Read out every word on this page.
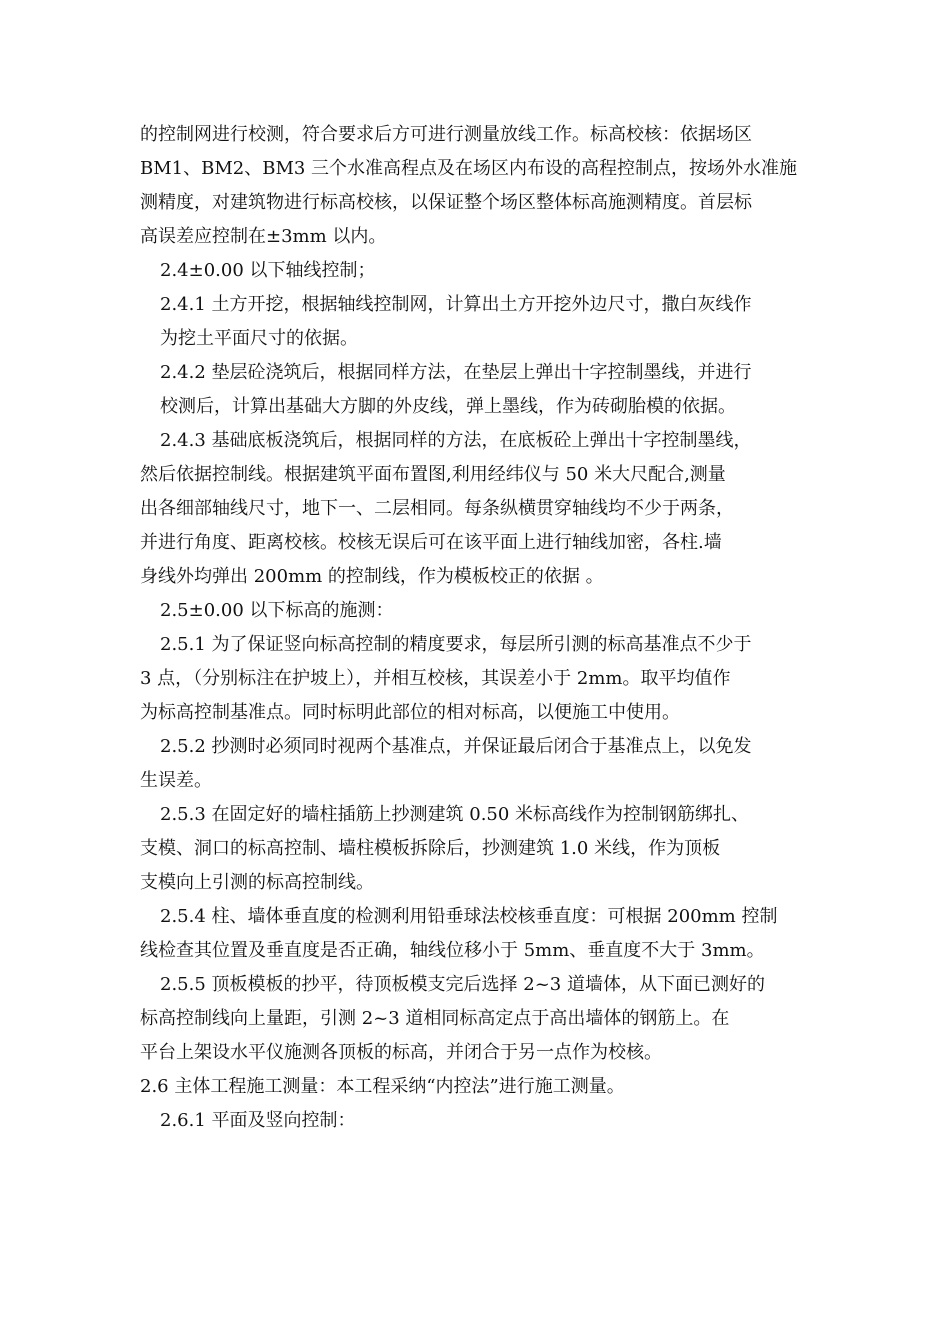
的控制网进行校测，符合要求后方可进行测量放线工作。标高校核：依据场区
BM1、BM2、BM3 三个水准高程点及在场区内布设的高程控制点，按场外水准施
测精度，对建筑物进行标高校核，以保证整个场区整体标高施测精度。首层标
高误差应控制在±3mm 以内。
2.4±0.00 以下轴线控制；
2.4.1 土方开挖，根据轴线控制网，计算出土方开挖外边尺寸，撒白灰线作
为挖土平面尺寸的依据。
2.4.2 垫层砼浇筑后，根据同样方法，在垫层上弹出十字控制墨线，并进行
校测后，计算出基础大方脚的外皮线，弹上墨线，作为砖砌胎模的依据。
2.4.3 基础底板浇筑后，根据同样的方法，在底板砼上弹出十字控制墨线，
然后依据控制线。根据建筑平面布置图,利用经纬仪与 50 米大尺配合,测量
出各细部轴线尺寸，地下一、二层相同。每条纵横贯穿轴线均不少于两条，
并进行角度、距离校核。校核无误后可在该平面上进行轴线加密，各柱.墙
身线外均弹出 200mm 的控制线，作为模板校正的依据 。
2.5±0.00 以下标高的施测：
2.5.1 为了保证竖向标高控制的精度要求，每层所引测的标高基准点不少于
3 点，（分别标注在护坡上），并相互校核，其误差小于 2mm。取平均值作
为标高控制基准点。同时标明此部位的相对标高，以便施工中使用。
2.5.2 抄测时必须同时视两个基准点，并保证最后闭合于基准点上，以免发
生误差。
2.5.3 在固定好的墙柱插筋上抄测建筑 0.50 米标高线作为控制钢筋绑扎、
支模、洞口的标高控制、墙柱模板拆除后，抄测建筑 1.0 米线，作为顶板
支模向上引测的标高控制线。
2.5.4 柱、墙体垂直度的检测利用铅垂球法校核垂直度：可根据 200mm 控制
线检查其位置及垂直度是否正确，轴线位移小于 5mm、垂直度不大于 3mm。
2.5.5 顶板模板的抄平，待顶板模支完后选择 2~3 道墙体，从下面已测好的
标高控制线向上量距，引测 2~3 道相同标高定点于高出墙体的钢筋上。在
平台上架设水平仪施测各顶板的标高，并闭合于另一点作为校核。
2.6 主体工程施工测量：本工程采纳“内控法”进行施工测量。
2.6.1 平面及竖向控制：
